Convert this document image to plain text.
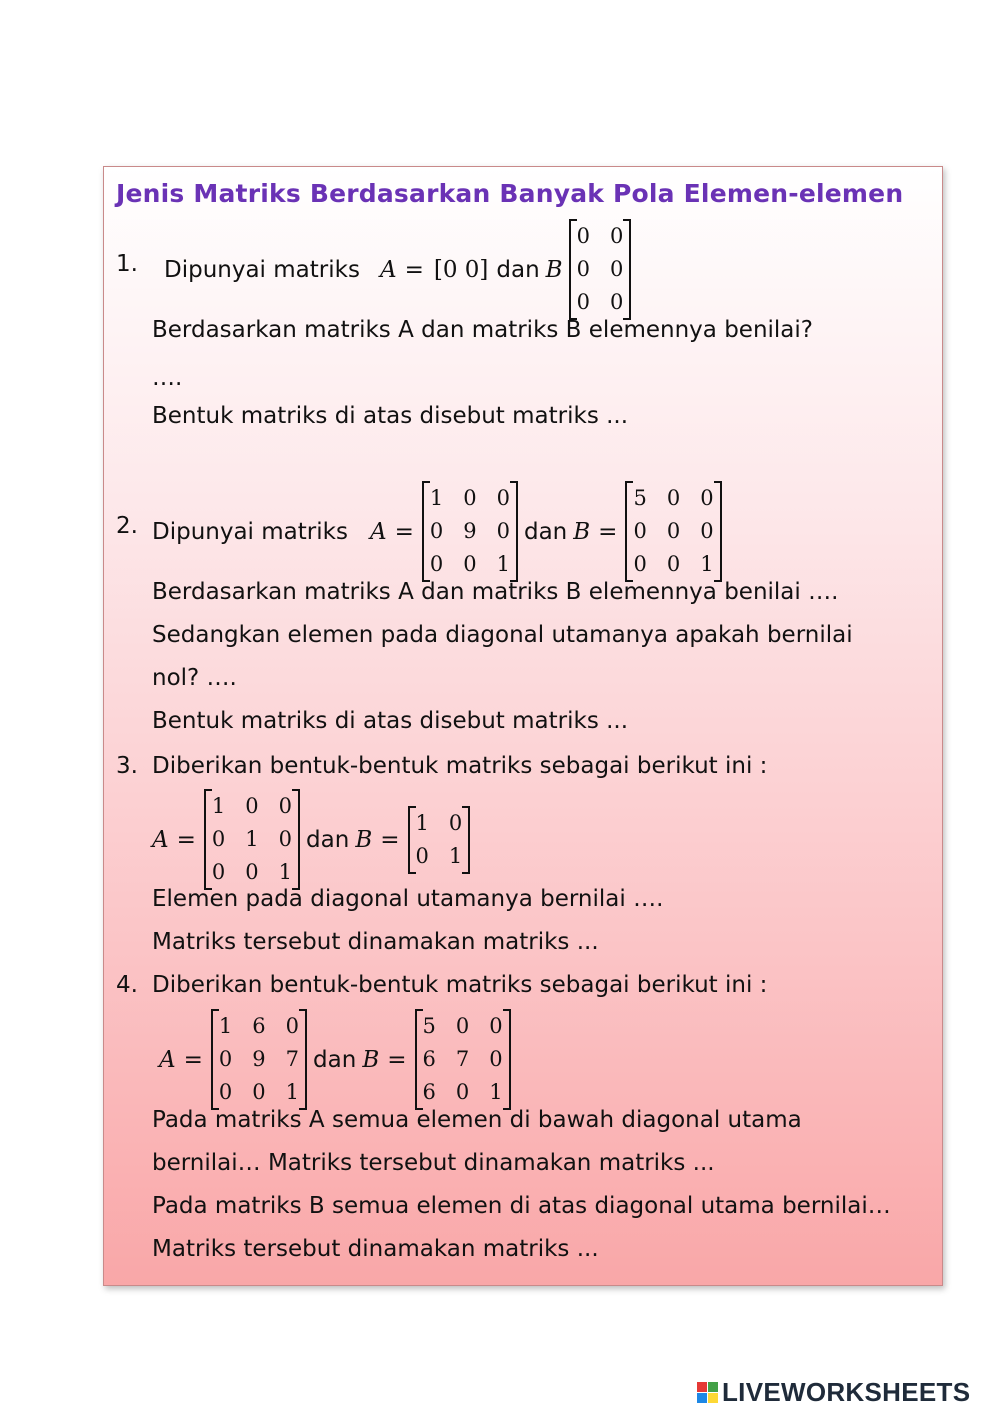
Jenis Matriks Berdasarkan Banyak Pola Elemen-elemen
1. Dipunyai matriks A = [0 0] dan B
0 0
0 0
0 0
Berdasarkan matriks A dan matriks B elemennya benilai?
….
Bentuk matriks di atas disebut matriks ...
2. Dipunyai matriks A =
1 0 0
0 9 0
0 0 1
dan B =
5 0 0
0 0 0
0 0 1
Berdasarkan matriks A dan matriks B elemennya benilai ….
Sedangkan elemen pada diagonal utamanya apakah bernilai
nol? ….
Bentuk matriks di atas disebut matriks ...
3. Diberikan bentuk-bentuk matriks sebagai berikut ini :
A =
1 0 0
0 1 0
0 0 1
dan B =
1 0
0 1
Elemen pada diagonal utamanya bernilai ….
Matriks tersebut dinamakan matriks ...
4. Diberikan bentuk-bentuk matriks sebagai berikut ini :
A =
1 6 0
0 9 7
0 0 1
dan B =
5 0 0
6 7 0
6 0 1
Pada matriks A semua elemen di bawah diagonal utama
bernilai… Matriks tersebut dinamakan matriks ...
Pada matriks B semua elemen di atas diagonal utama bernilai…
Matriks tersebut dinamakan matriks ...
LIVEWORKSHEETS
